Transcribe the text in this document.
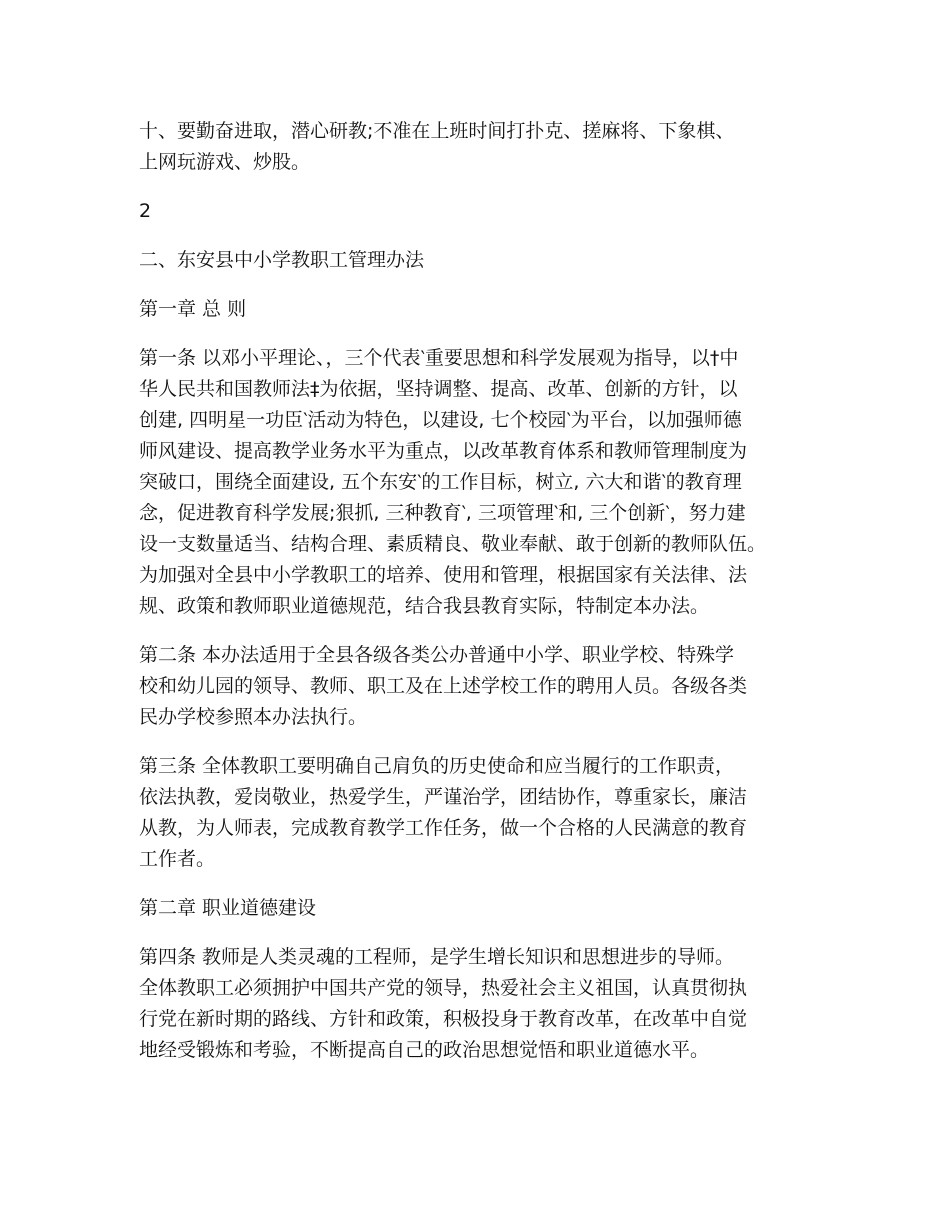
十、要勤奋进取，潜心研教;不准在上班时间打扑克、搓麻将、下象棋、
上网玩游戏、炒股。

2

二、东安县中小学教职工管理办法

第一章 总 则

第一条 以邓小平理论、，三个代表‵重要思想和科学发展观为指导，以†中
华人民共和国教师法‡为依据，坚持调整、提高、改革、创新的方针，以
创建, 四明星一功臣‵活动为特色，以建设, 七个校园‵为平台，以加强师德
师风建设、提高教学业务水平为重点，以改革教育体系和教师管理制度为
突破口，围绕全面建设, 五个东安‵的工作目标，树立, 六大和谐‵的教育理
念，促进教育科学发展;狠抓, 三种教育‵, 三项管理‵和, 三个创新‵，努力建
设一支数量适当、结构合理、素质精良、敬业奉献、敢于创新的教师队伍。
为加强对全县中小学教职工的培养、使用和管理，根据国家有关法律、法
规、政策和教师职业道德规范，结合我县教育实际，特制定本办法。

第二条 本办法适用于全县各级各类公办普通中小学、职业学校、特殊学
校和幼儿园的领导、教师、职工及在上述学校工作的聘用人员。各级各类
民办学校参照本办法执行。

第三条 全体教职工要明确自己肩负的历史使命和应当履行的工作职责，
依法执教，爱岗敬业，热爱学生，严谨治学，团结协作，尊重家长，廉洁
从教，为人师表，完成教育教学工作任务，做一个合格的人民满意的教育
工作者。

第二章 职业道德建设

第四条 教师是人类灵魂的工程师，是学生增长知识和思想进步的导师。
全体教职工必须拥护中国共产党的领导，热爱社会主义祖国，认真贯彻执
行党在新时期的路线、方针和政策，积极投身于教育改革，在改革中自觉
地经受锻炼和考验，不断提高自己的政治思想觉悟和职业道德水平。
